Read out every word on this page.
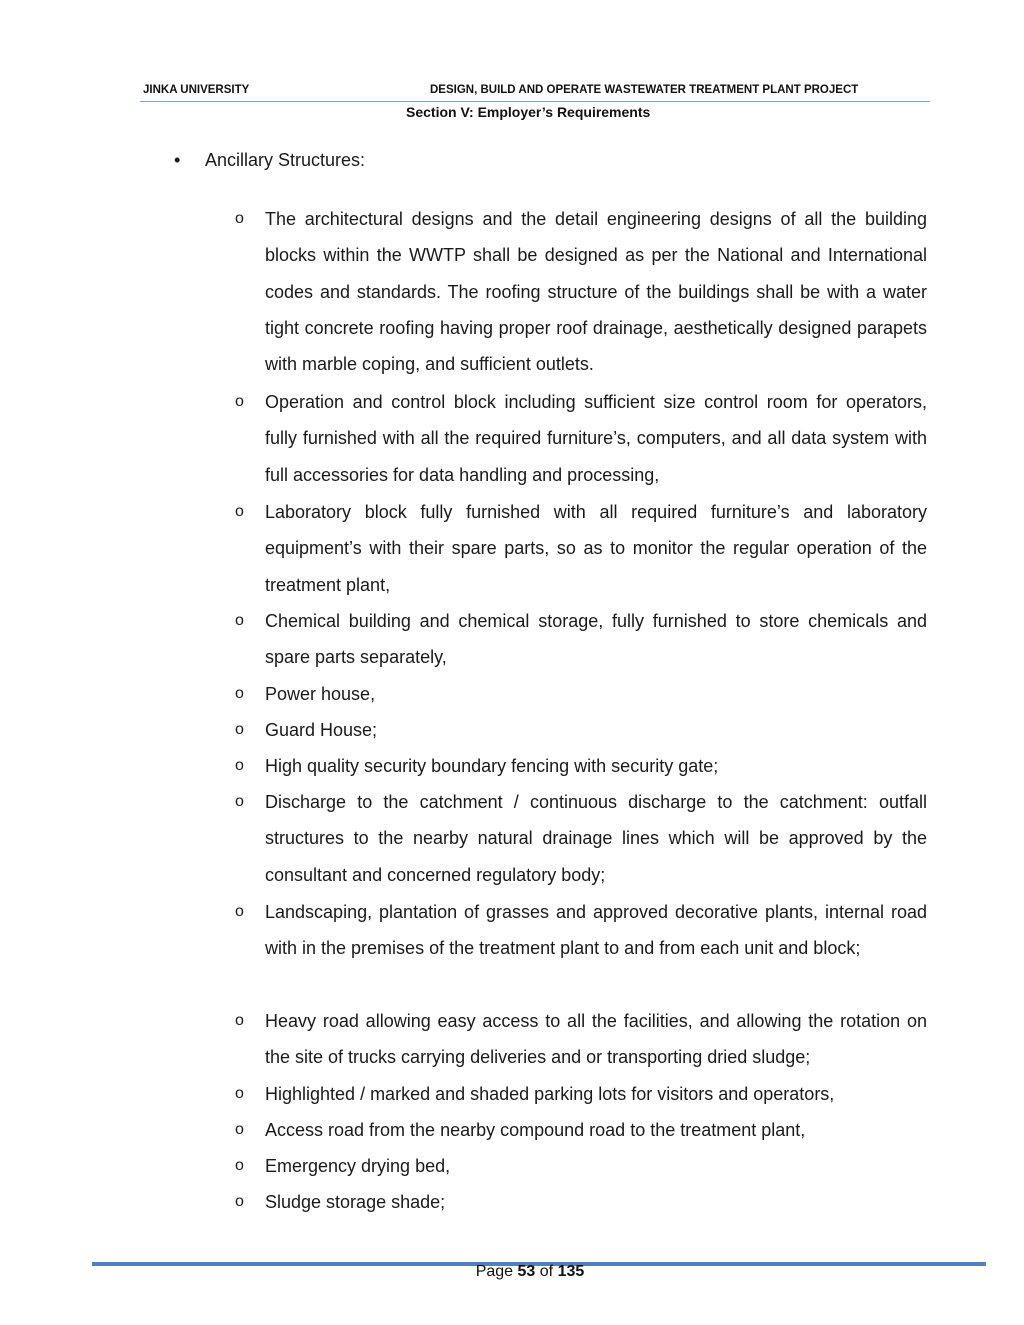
JINKA UNIVERSITY	DESIGN, BUILD AND OPERATE WASTEWATER TREATMENT PLANT PROJECT
Section V: Employer’s Requirements
• Ancillary Structures:
o The architectural designs and the detail engineering designs of all the building blocks within the WWTP shall be designed as per the National and International codes and standards. The roofing structure of the buildings shall be with a water tight concrete roofing having proper roof drainage, aesthetically designed parapets with marble coping, and sufficient outlets.
o Operation and control block including sufficient size control room for operators, fully furnished with all the required furniture’s, computers, and all data system with full accessories for data handling and processing,
o Laboratory block fully furnished with all required furniture’s and laboratory equipment’s with their spare parts, so as to monitor the regular operation of the treatment plant,
o Chemical building and chemical storage, fully furnished to store chemicals and spare parts separately,
o Power house,
o Guard House;
o High quality security boundary fencing with security gate;
o Discharge to the catchment / continuous discharge to the catchment: outfall structures to the nearby natural drainage lines which will be approved by the consultant and concerned regulatory body;
o Landscaping, plantation of grasses and approved decorative plants, internal road with in the premises of the treatment plant to and from each unit and block;
o Heavy road allowing easy access to all the facilities, and allowing the rotation on the site of trucks carrying deliveries and or transporting dried sludge;
o Highlighted / marked and shaded parking lots for visitors and operators,
o Access road from the nearby compound road to the treatment plant,
o Emergency drying bed,
o Sludge storage shade;
Page 53 of 135
